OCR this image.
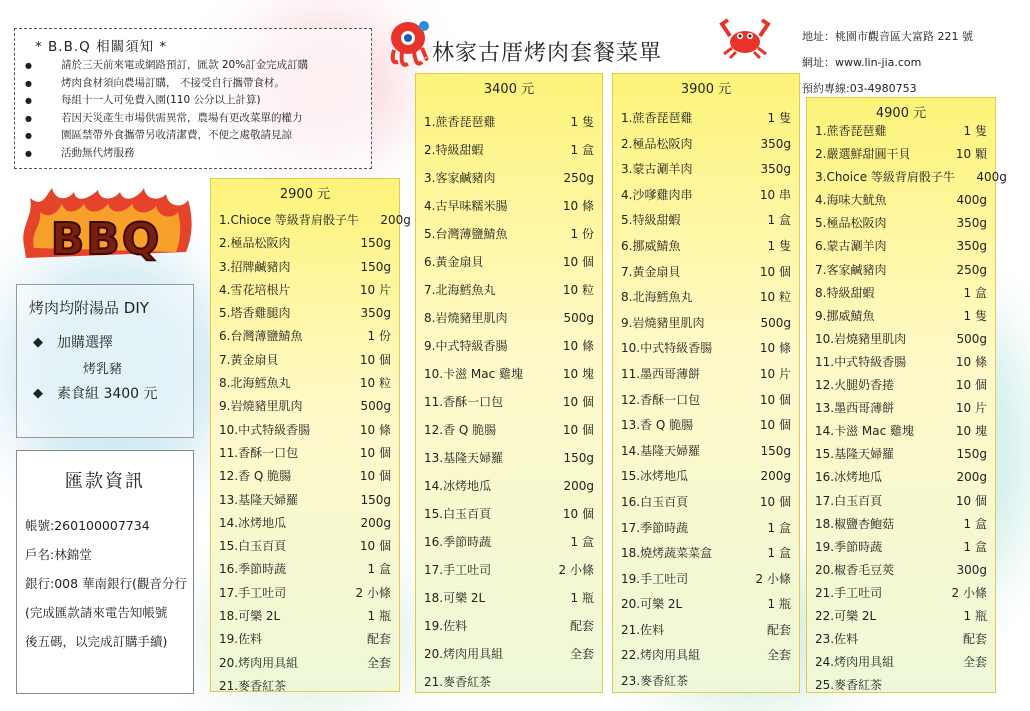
* B.B.Q 相關須知 *
●	請於三天前來電或網路預訂，匯款 20%訂金完成訂購
●	烤肉食材須向農場訂購， 不接受自行攜帶食材。
●	每組十一人可免費入園(110 公分以上計算)
●	若因天災產生市場供需異常，農場有更改菜單的權力
●	園區禁帶外食攜帶另收清潔費，不便之處敬請見諒
●	活動無代烤服務
BBQ
林家古厝烤肉套餐菜單
地址：桃園市觀音區大富路 221 號
網址：www.lin-jia.com
預約專線:03-4980753
烤肉均附湯品 DIY
◆ 加購選擇
烤乳豬
◆ 素食組 3400 元
匯款資訊

帳號:260100007734

戶名:林錦堂

銀行:008 華南銀行(觀音分行

(完成匯款請來電告知帳號

後五碼，以完成訂購手續)

2900 元
1.Chioce 等級背肩骰子牛	200g
2.極品松阪肉	150g
3.招牌鹹豬肉	150g
4.雪花培根片	10 片
5.塔香雞腿肉	350g
6.台灣薄鹽鯖魚	1 份
7.黃金扇貝	10 個
8.北海鱈魚丸	10 粒
9.岩燒豬里肌肉	500g
10.中式特級香腸	10 條
11.香酥一口包	10 個
12.香 Q 脆腸	10 個
13.基隆天婦羅	150g
14.冰烤地瓜	200g
15.白玉百頁	10 個
16.季節時蔬	1 盒
17.手工吐司	2 小條
18.可樂 2L	1 瓶
19.佐料	配套
20.烤肉用具組	全套
21.麥香紅茶
3400 元
1.蔗香琵琶雞	1 隻
2.特級甜蝦	1 盒
3.客家鹹豬肉	250g
4.古早味糯米腸	10 條
5.台灣薄鹽鯖魚	1 份
6.黃金扇貝	10 個
7.北海鱈魚丸	10 粒
8.岩燒豬里肌肉	500g
9.中式特級香腸	10 條
10.卡滋 Mac 雞塊	10 塊
11.香酥一口包	10 個
12.香 Q 脆腸	10 個
13.基隆天婦羅	150g
14.冰烤地瓜	200g
15.白玉百頁	10 個
16.季節時蔬	1 盒
17.手工吐司	2 小條
18.可樂 2L	1 瓶
19.佐料	配套
20.烤肉用具組	全套
21.麥香紅茶
3900 元
1.蔗香琵琶雞	1 隻
2.極品松阪肉	350g
3.蒙古涮羊肉	350g
4.沙嗲雞肉串	10 串
5.特級甜蝦	1 盒
6.挪威鯖魚	1 隻
7.黃金扇貝	10 個
8.北海鱈魚丸	10 粒
9.岩燒豬里肌肉	500g
10.中式特級香腸	10 條
11.墨西哥薄餅	10 片
12.香酥一口包	10 個
13.香 Q 脆腸	10 個
14.基隆天婦羅	150g
15.冰烤地瓜	200g
16.白玉百頁	10 個
17.季節時蔬	1 盒
18.燒烤蔬菜菜盒	1 盒
19.手工吐司	2 小條
20.可樂 2L	1 瓶
21.佐料	配套
22.烤肉用具組	全套
23.麥香紅茶
4900 元
1.蔗香琵琶雞	1 隻
2.嚴選鮮甜圓干貝	10 顆
3.Choice 等級背肩骰子牛	400g
4.海味大魷魚	400g
5.極品松阪肉	350g
6.蒙古涮羊肉	350g
7.客家鹹豬肉	250g
8.特級甜蝦	1 盒
9.挪威鯖魚	1 隻
10.岩燒豬里肌肉	500g
11.中式特級香腸	10 條
12.火腿奶香捲	10 個
13.墨西哥薄餅	10 片
14.卡滋 Mac 雞塊	10 塊
15.基隆天婦羅	150g
16.冰烤地瓜	200g
17.白玉百頁	10 個
18.椒鹽杏鮑菇	1 盒
19.季節時蔬	1 盒
20.椒香毛豆莢	300g
21.手工吐司	2 小條
22.可樂 2L	1 瓶
23.佐料	配套
24.烤肉用具組	全套
25.麥香紅茶
